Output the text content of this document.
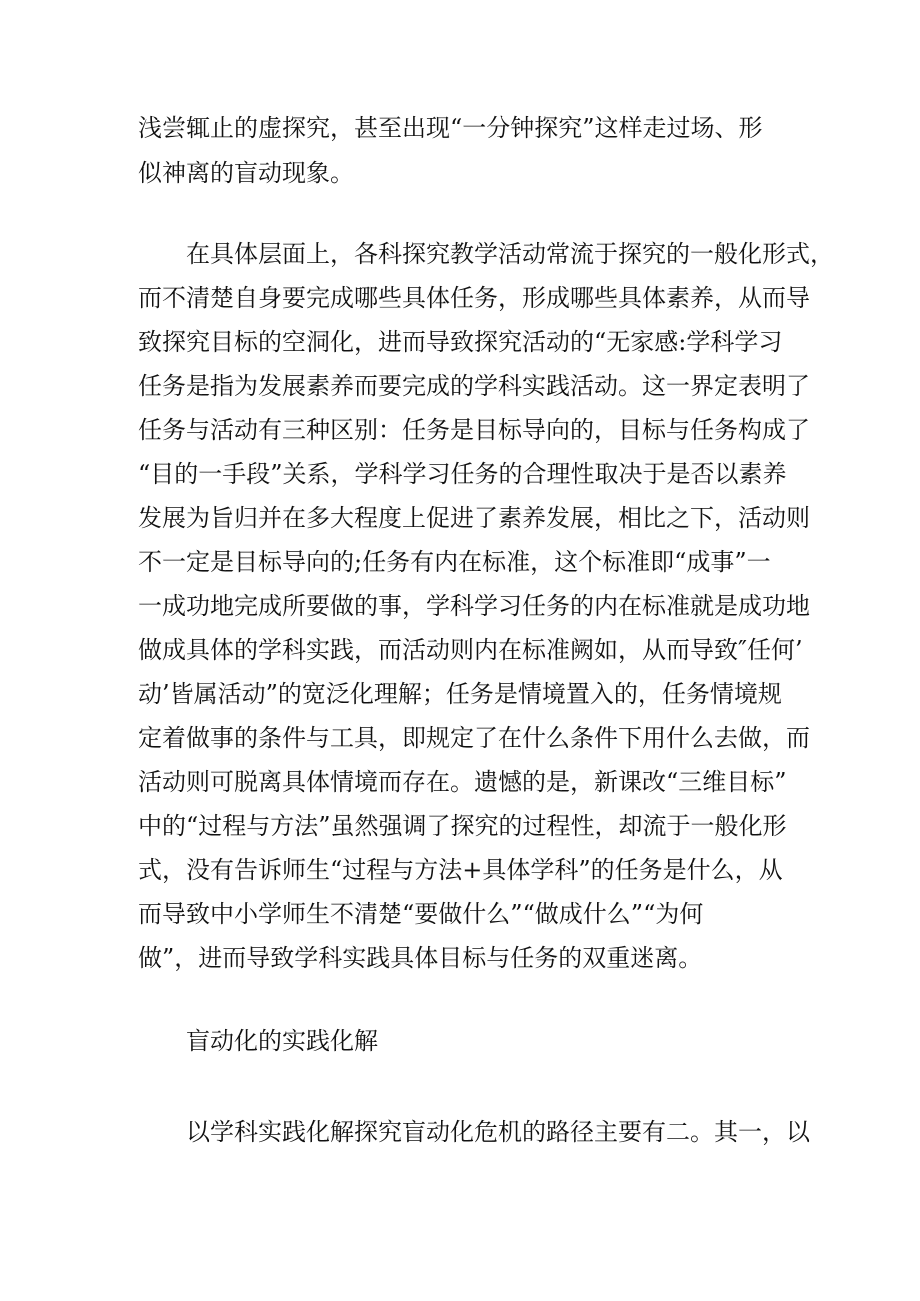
浅尝辄止的虚探究，甚至出现“一分钟探究”这样走过场、形

似神离的盲动现象。

在具体层面上，各科探究教学活动常流于探究的一般化形式，

而不清楚自身要完成哪些具体任务，形成哪些具体素养，从而导

致探究目标的空洞化，进而导致探究活动的“无家感:学科学习

任务是指为发展素养而要完成的学科实践活动。这一界定表明了

任务与活动有三种区别：任务是目标导向的，目标与任务构成了

“目的一手段”关系，学科学习任务的合理性取决于是否以素养

发展为旨归并在多大程度上促进了素养发展，相比之下，活动则

不一定是目标导向的;任务有内在标准，这个标准即“成事”一

一成功地完成所要做的事，学科学习任务的内在标准就是成功地

做成具体的学科实践，而活动则内在标准阙如，从而导致″任何’

动’皆属活动”的宽泛化理解；任务是情境置入的，任务情境规

定着做事的条件与工具，即规定了在什么条件下用什么去做，而

活动则可脱离具体情境而存在。遗憾的是，新课改“三维目标”

中的“过程与方法”虽然强调了探究的过程性，却流于一般化形

式，没有告诉师生“过程与方法+具体学科”的任务是什么，从

而导致中小学师生不清楚“要做什么”“做成什么”“为何

做”，进而导致学科实践具体目标与任务的双重迷离。

盲动化的实践化解

以学科实践化解探究盲动化危机的路径主要有二。其一，以
